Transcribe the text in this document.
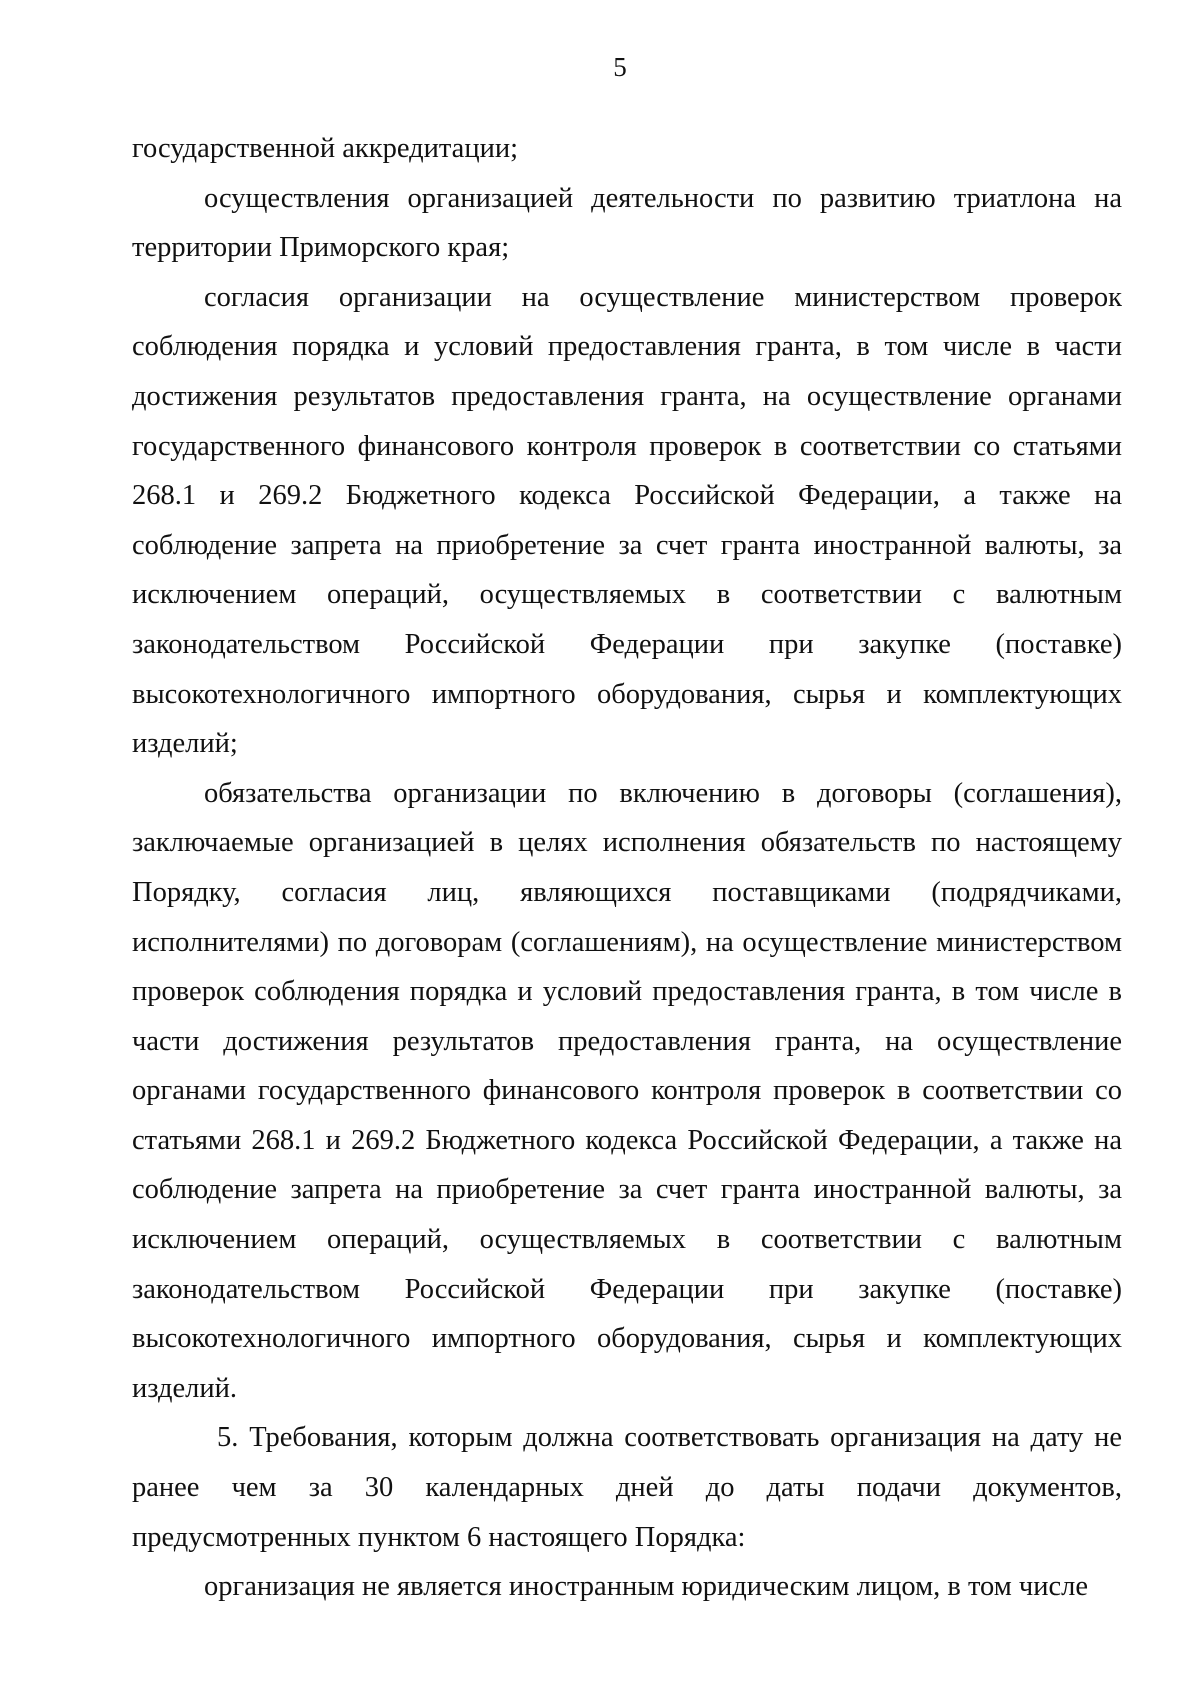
5

государственной аккредитации;

осуществления организацией деятельности по развитию триатлона на территории Приморского края;

согласия организации на осуществление министерством проверок соблюдения порядка и условий предоставления гранта, в том числе в части достижения результатов предоставления гранта, на осуществление органами государственного финансового контроля проверок в соответствии со статьями 268.1 и 269.2 Бюджетного кодекса Российской Федерации, а также на соблюдение запрета на приобретение за счет гранта иностранной валюты, за исключением операций, осуществляемых в соответствии с валютным законодательством Российской Федерации при закупке (поставке) высокотехнологичного импортного оборудования, сырья и комплектующих изделий;

обязательства организации по включению в договоры (соглашения), заключаемые организацией в целях исполнения обязательств по настоящему Порядку, согласия лиц, являющихся поставщиками (подрядчиками, исполнителями) по договорам (соглашениям), на осуществление министерством проверок соблюдения порядка и условий предоставления гранта, в том числе в части достижения результатов предоставления гранта, на осуществление органами государственного финансового контроля проверок в соответствии со статьями 268.1 и 269.2 Бюджетного кодекса Российской Федерации, а также на соблюдение запрета на приобретение за счет гранта иностранной валюты, за исключением операций, осуществляемых в соответствии с валютным законодательством Российской Федерации при закупке (поставке) высокотехнологичного импортного оборудования, сырья и комплектующих изделий.

5. Требования, которым должна соответствовать организация на дату не ранее чем за 30 календарных дней до даты подачи документов, предусмотренных пунктом 6 настоящего Порядка:

организация не является иностранным юридическим лицом, в том числе
